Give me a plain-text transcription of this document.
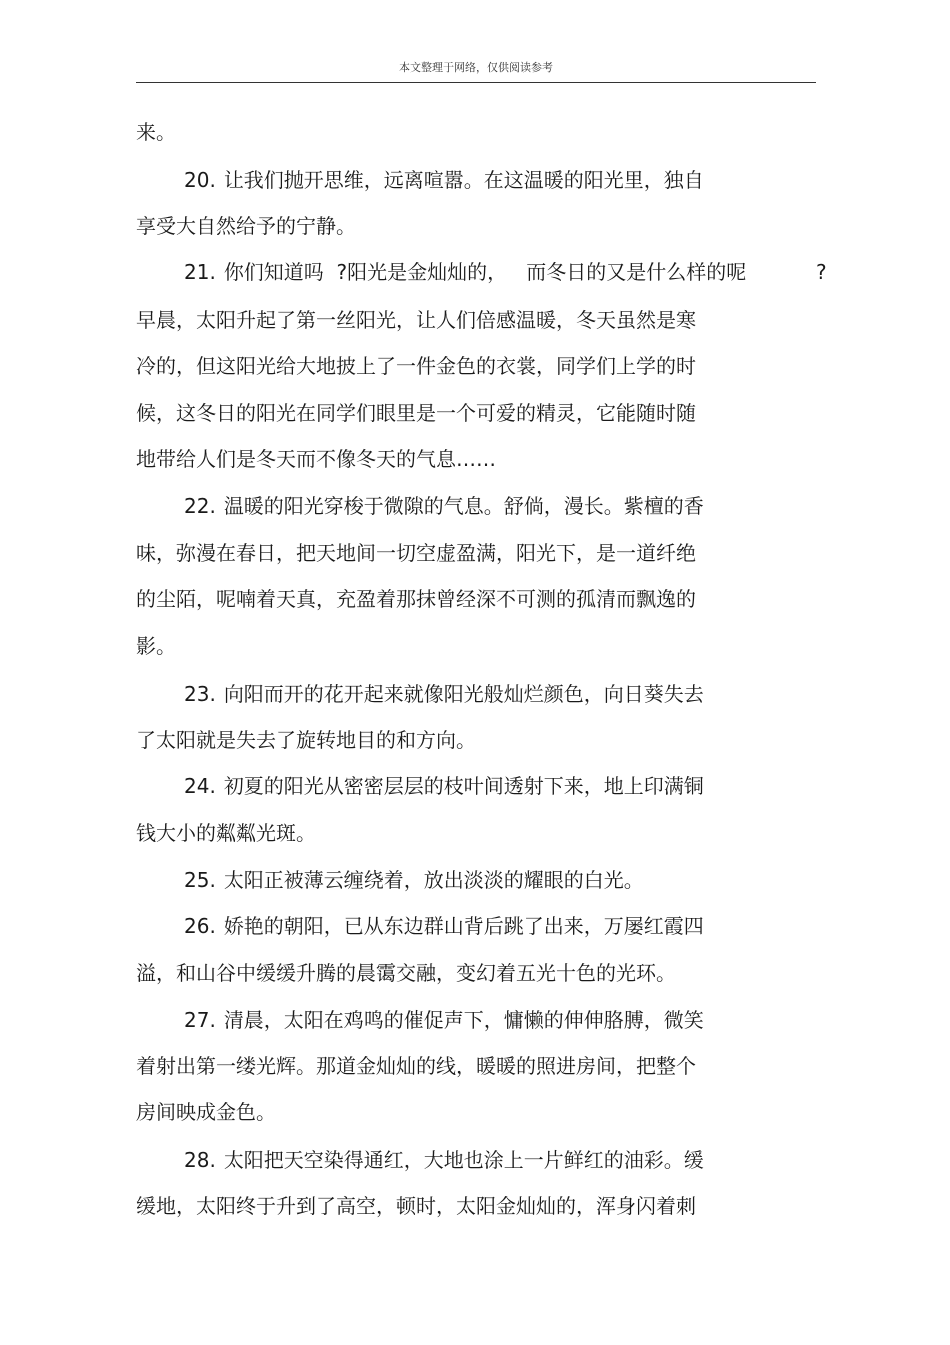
本文整理于网络，仅供阅读参考
来。
20. 让我们抛开思维，远离喧嚣。在这温暖的阳光里，独自
享受大自然给予的宁静。
21. 你们知道吗  ?阳光是金灿灿的，   而冬日的又是什么样的呢	?
早晨，太阳升起了第一丝阳光，让人们倍感温暖，冬天虽然是寒
冷的，但这阳光给大地披上了一件金色的衣裳，同学们上学的时
候，这冬日的阳光在同学们眼里是一个可爱的精灵，它能随时随
地带给人们是冬天而不像冬天的气息……
22. 温暖的阳光穿梭于微隙的气息。舒倘，漫长。紫檀的香
味，弥漫在春日，把天地间一切空虚盈满，阳光下，是一道纤绝
的尘陌，呢喃着天真，充盈着那抹曾经深不可测的孤清而飘逸的
影。
23. 向阳而开的花开起来就像阳光般灿烂颜色，向日葵失去
了太阳就是失去了旋转地目的和方向。
24. 初夏的阳光从密密层层的枝叶间透射下来，地上印满铜
钱大小的粼粼光斑。
25. 太阳正被薄云缠绕着，放出淡淡的耀眼的白光。
26. 娇艳的朝阳，已从东边群山背后跳了出来，万屡红霞四
溢，和山谷中缓缓升腾的晨霭交融，变幻着五光十色的光环。
27. 清晨，太阳在鸡鸣的催促声下，慵懒的伸伸胳膊，微笑
着射出第一缕光辉。那道金灿灿的线，暖暖的照进房间，把整个
房间映成金色。
28. 太阳把天空染得通红，大地也涂上一片鲜红的油彩。缓
缓地，太阳终于升到了高空，顿时，太阳金灿灿的，浑身闪着刺
